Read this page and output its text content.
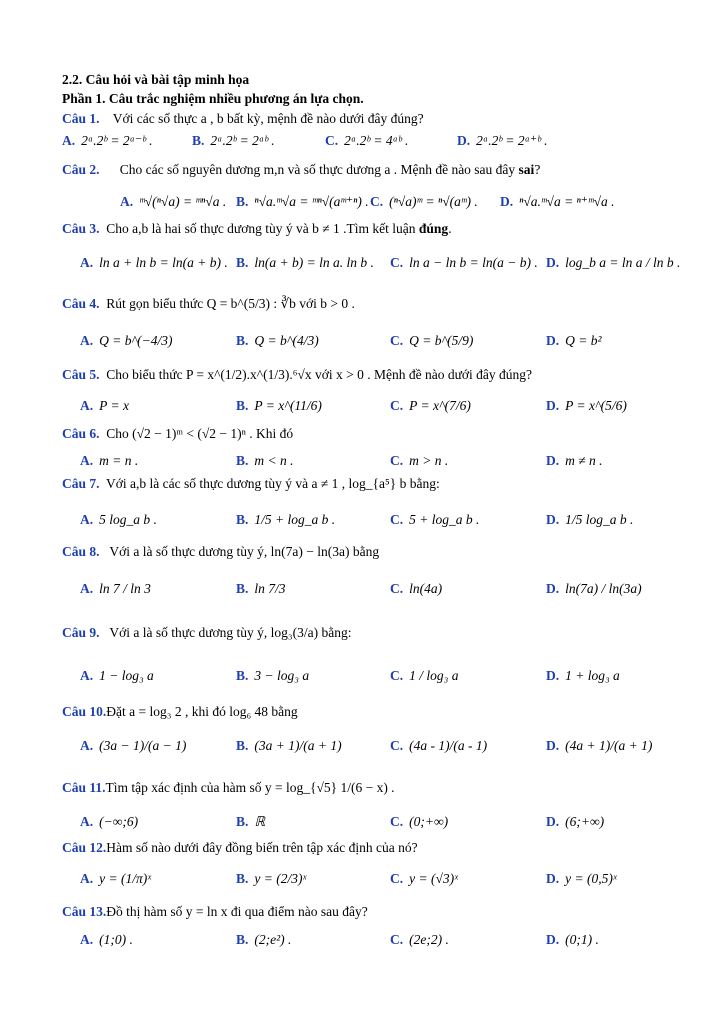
2.2. Câu hỏi và bài tập minh họa
Phần 1. Câu trắc nghiệm nhiều phương án lựa chọn.
Câu 1. Với các số thực a , b bất kỳ, mệnh đề nào dưới đây đúng?
A. 2ᵃ.2ᵇ = 2ᵃ⁻ᵇ .	B. 2ᵃ.2ᵇ = 2ᵃᵇ .	C. 2ᵃ.2ᵇ = 4ᵃᵇ .	D. 2ᵃ.2ᵇ = 2ᵃ⁺ᵇ .
Câu 2. Cho các số nguyên dương m,n và số thực dương a . Mệnh đề nào sau đây sai?
A. ᵐ√(ⁿ√a) = ᵐⁿ√a . B. ⁿ√a.ᵐ√a = ᵐⁿ√(aᵐ⁺ⁿ) . C. (ⁿ√a)ᵐ = ⁿ√(aᵐ) . D. ⁿ√a.ᵐ√a = ⁿ⁺ᵐ√a .
Câu 3. Cho a,b là hai số thực dương tùy ý và b ≠ 1 .Tìm kết luận đúng.
A. ln a + ln b = ln(a + b) . B. ln(a + b) = ln a. ln b . C. ln a − ln b = ln(a − b) . D. log_b a = ln a / ln b .
Câu 4. Rút gọn biểu thức Q = b^(5/3) : ∛b với b > 0 .
A. Q = b^(−4/3)	B. Q = b^(4/3)	C. Q = b^(5/9)	D. Q = b²
Câu 5. Cho biểu thức P = x^(1/2).x^(1/3).⁶√x với x > 0 . Mệnh đề nào dưới đây đúng?
A. P = x	B. P = x^(11/6)	C. P = x^(7/6)	D. P = x^(5/6)
Câu 6. Cho (√2 − 1)ᵐ < (√2 − 1)ⁿ . Khi đó
A. m = n .	B. m < n .	C. m > n .	D. m ≠ n .
Câu 7. Với a,b là các số thực dương tùy ý và a ≠ 1 , log_{a⁵} b bằng:
A. 5 log_a b .	B. 1/5 + log_a b .	C. 5 + log_a b .	D. 1/5 log_a b .
Câu 8. Với a là số thực dương tùy ý, ln(7a) − ln(3a) bằng
A. ln 7 / ln 3	B. ln 7/3	C. ln(4a)	D. ln(7a) / ln(3a)
Câu 9. Với a là số thực dương tùy ý, log₃(3/a) bằng:
A. 1 − log₃ a	B. 3 − log₃ a	C. 1 / log₃ a	D. 1 + log₃ a
Câu 10.Đặt a = log₃ 2 , khi đó log₆ 48 bằng
A. (3a − 1)/(a − 1)	B. (3a + 1)/(a + 1)	C. (4a - 1)/(a - 1)	D. (4a + 1)/(a + 1)
Câu 11.Tìm tập xác định của hàm số y = log_{√5} 1/(6 − x) .
A. (−∞;6)	B. ℝ	C. (0;+∞)	D. (6;+∞)
Câu 12.Hàm số nào dưới đây đồng biến trên tập xác định của nó?
A. y = (1/π)ˣ	B. y = (2/3)ˣ	C. y = (√3)ˣ	D. y = (0,5)ˣ
Câu 13.Đồ thị hàm số y = ln x đi qua điểm nào sau đây?
A. (1;0) .	B. (2;e²) .	C. (2e;2) .	D. (0;1) .
